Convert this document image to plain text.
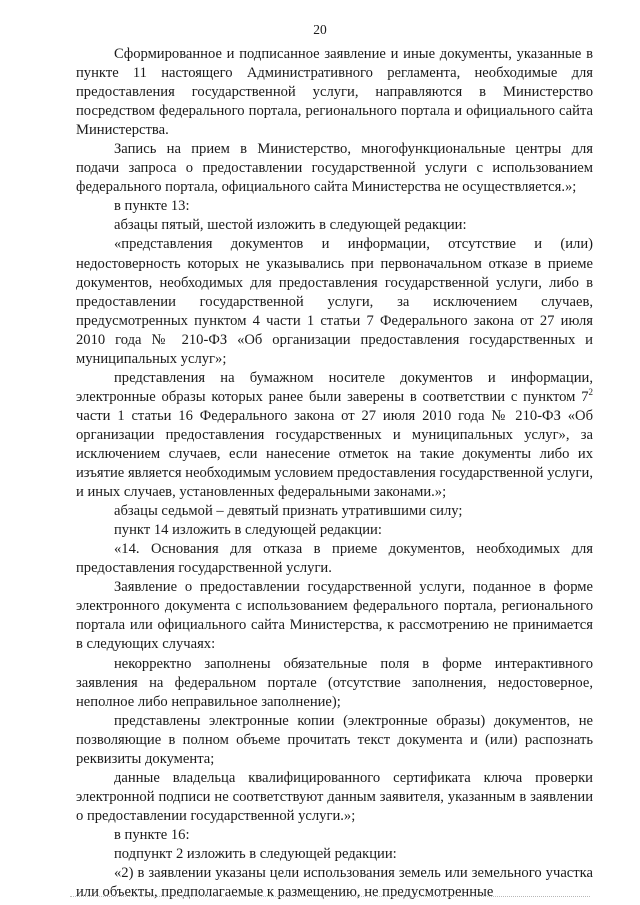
20

Сформированное и подписанное заявление и иные документы, указанные в пункте 11 настоящего Административного регламента, необходимые для предоставления государственной услуги, направляются в Министерство посредством федерального портала, регионального портала и официального сайта Министерства.

Запись на прием в Министерство, многофункциональные центры для подачи запроса о предоставлении государственной услуги с использованием федерального портала, официального сайта Министерства не осуществляется.»;

в пункте 13:

абзацы пятый, шестой изложить в следующей редакции:

«представления документов и информации, отсутствие и (или) недостоверность которых не указывались при первоначальном отказе в приеме документов, необходимых для предоставления государственной услуги, либо в предоставлении государственной услуги, за исключением случаев, предусмотренных пунктом 4 части 1 статьи 7 Федерального закона от 27 июля 2010 года № 210-ФЗ «Об организации предоставления государственных и муниципальных услуг»;

представления на бумажном носителе документов и информации, электронные образы которых ранее были заверены в соответствии с пунктом $7^2$ части 1 статьи 16 Федерального закона от 27 июля 2010 года № 210-ФЗ «Об организации предоставления государственных и муниципальных услуг», за исключением случаев, если нанесение отметок на такие документы либо их изъятие является необходимым условием предоставления государственной услуги, и иных случаев, установленных федеральными законами.»;

абзацы седьмой – девятый признать утратившими силу;

пункт 14 изложить в следующей редакции:

«14. Основания для отказа в приеме документов, необходимых для предоставления государственной услуги.

Заявление о предоставлении государственной услуги, поданное в форме электронного документа с использованием федерального портала, регионального портала или официального сайта Министерства, к рассмотрению не принимается в следующих случаях:

некорректно заполнены обязательные поля в форме интерактивного заявления на федеральном портале (отсутствие заполнения, недостоверное, неполное либо неправильное заполнение);

представлены электронные копии (электронные образы) документов, не позволяющие в полном объеме прочитать текст документа и (или) распознать реквизиты документа;

данные владельца квалифицированного сертификата ключа проверки электронной подписи не соответствуют данным заявителя, указанным в заявлении о предоставлении государственной услуги.»;

в пункте 16:

подпункт 2 изложить в следующей редакции:

«2) в заявлении указаны цели использования земель или земельного участка или объекты, предполагаемые к размещению, не предусмотренные
